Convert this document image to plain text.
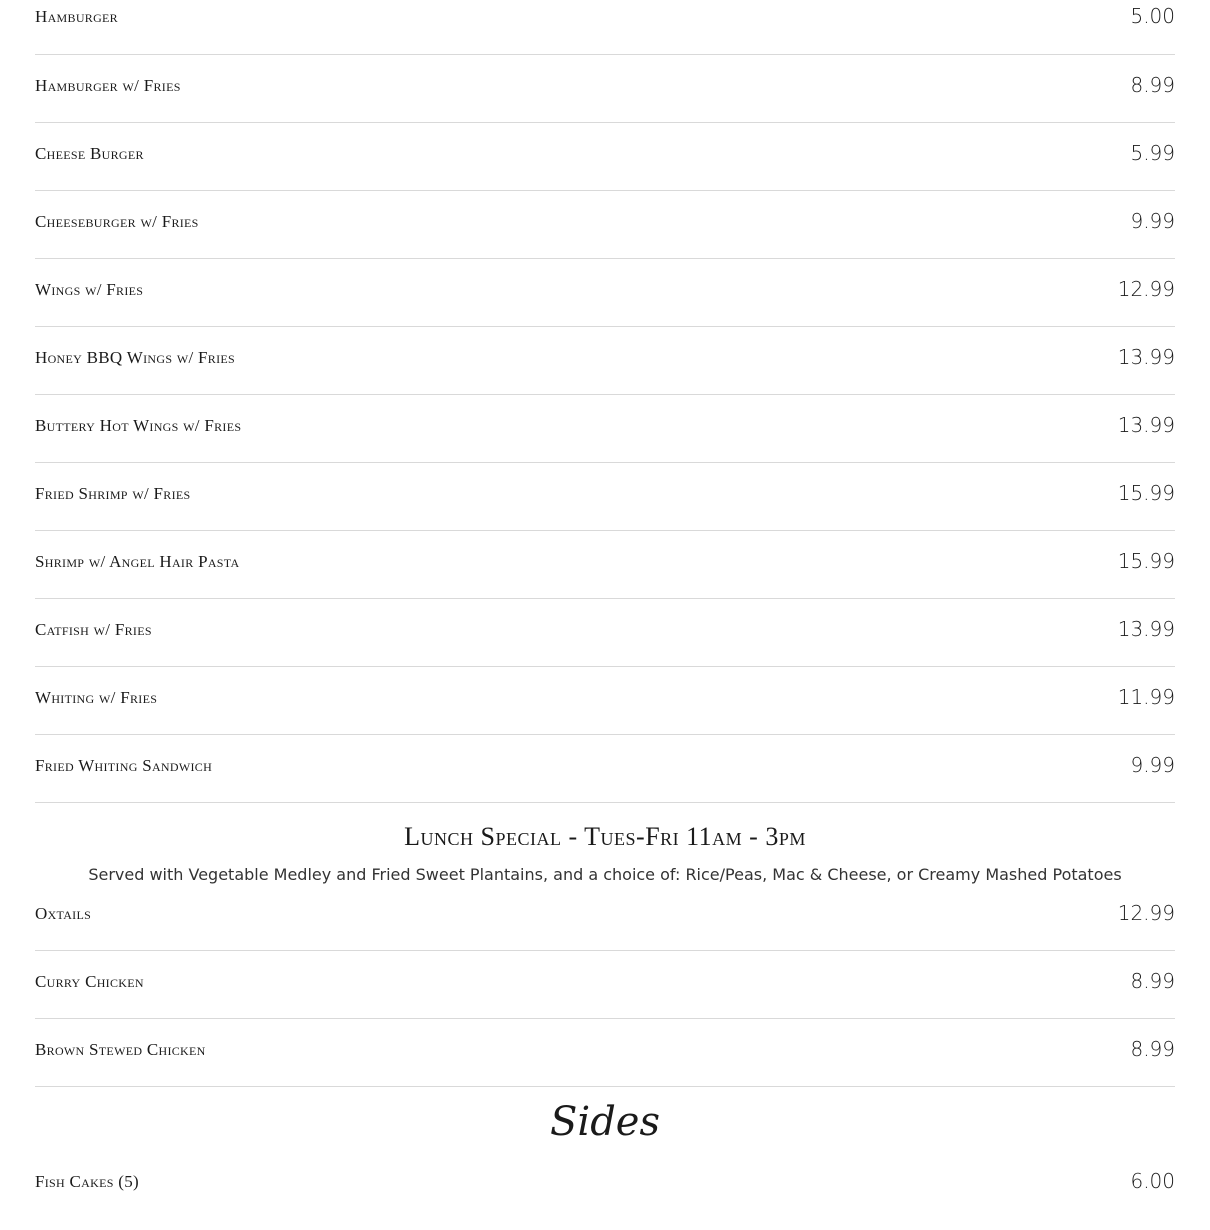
Hamburger	5.00
Hamburger w/ Fries	8.99
Cheese Burger	5.99
Cheeseburger w/ Fries	9.99
Wings w/ Fries	12.99
Honey BBQ Wings w/ Fries	13.99
Buttery Hot Wings w/ Fries	13.99
Fried Shrimp w/ Fries	15.99
Shrimp w/ Angel Hair Pasta	15.99
Catfish w/ Fries	13.99
Whiting w/ Fries	11.99
Fried Whiting Sandwich	9.99
Lunch Special - Tues-Fri 11am - 3pm
Served with Vegetable Medley and Fried Sweet Plantains, and a choice of: Rice/Peas, Mac & Cheese, or Creamy Mashed Potatoes
Oxtails	12.99
Curry Chicken	8.99
Brown Stewed Chicken	8.99
Sides
Fish Cakes (5)	6.00
